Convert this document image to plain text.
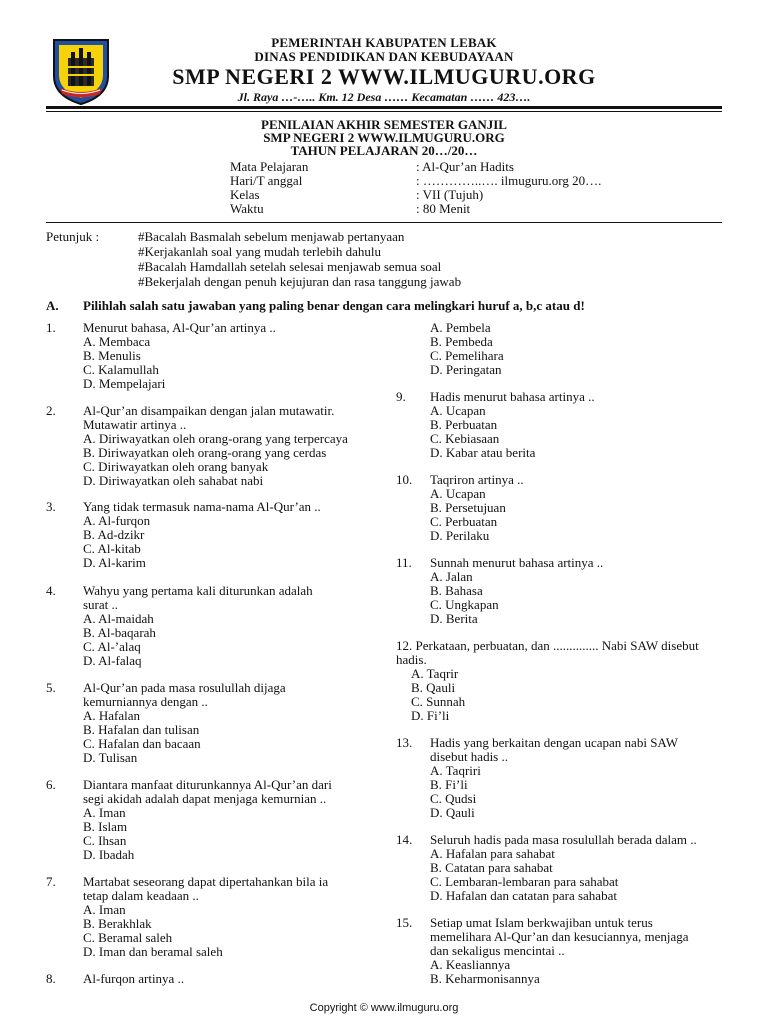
PEMERINTAH KABUPATEN LEBAK
DINAS PENDIDIKAN DAN KEBUDAYAAN
SMP NEGERI 2 WWW.ILMUGURU.ORG
Jl. Raya …-….. Km. 12 Desa …… Kecamatan …… 423….
PENILAIAN AKHIR SEMESTER GANJIL
SMP NEGERI 2 WWW.ILMUGURU.ORG
TAHUN PELAJARAN 20…/20…
Mata Pelajaran	: Al-Qur’an Hadits
Hari/T anggal	: …………..…. ilmuguru.org 20….
Kelas	: VII (Tujuh)
Waktu	: 80 Menit
Petunjuk :	#Bacalah Basmalah sebelum menjawab pertanyaan
#Kerjakanlah soal yang mudah terlebih dahulu
#Bacalah Hamdallah setelah selesai menjawab semua soal
#Bekerjalah dengan penuh kejujuran dan rasa tanggung jawab
A.	Pilihlah salah satu jawaban yang paling benar dengan cara melingkari huruf a, b,c atau d!
1. Menurut bahasa, Al-Qur’an artinya ..
A. Membaca
B. Menulis
C. Kalamullah
D. Mempelajari
2. Al-Qur’an disampaikan dengan jalan mutawatir.
Mutawatir artinya ..
A. Diriwayatkan oleh orang-orang yang terpercaya
B. Diriwayatkan oleh orang-orang yang cerdas
C. Diriwayatkan oleh orang banyak
D. Diriwayatkan oleh sahabat nabi
3. Yang tidak termasuk nama-nama Al-Qur’an ..
A. Al-furqon
B. Ad-dzikr
C. Al-kitab
D. Al-karim
4. Wahyu yang pertama kali diturunkan adalah
surat ..
A. Al-maidah
B. Al-baqarah
C. Al-’alaq
D. Al-falaq
5. Al-Qur’an pada masa rosulullah dijaga
kemurniannya dengan ..
A. Hafalan
B. Hafalan dan tulisan
C. Hafalan dan bacaan
D. Tulisan
6. Diantara manfaat diturunkannya Al-Qur’an dari
segi akidah adalah dapat menjaga kemurnian ..
A. Iman
B. Islam
C. Ihsan
D. Ibadah
7. Martabat seseorang dapat dipertahankan bila ia
tetap dalam keadaan ..
A. Iman
B. Berakhlak
C. Beramal saleh
D. Iman dan beramal saleh
8. Al-furqon artinya ..
A. Pembela
B. Pembeda
C. Pemelihara
D. Peringatan
9. Hadis menurut bahasa artinya ..
A. Ucapan
B. Perbuatan
C. Kebiasaan
D. Kabar atau berita
10. Taqriron artinya ..
A. Ucapan
B. Persetujuan
C. Perbuatan
D. Perilaku
11. Sunnah menurut bahasa artinya ..
A. Jalan
B. Bahasa
C. Ungkapan
D. Berita
12. Perkataan, perbuatan, dan .............. Nabi SAW disebut
hadis.
A. Taqrir
B. Qauli
C. Sunnah
D. Fi’li
13. Hadis yang berkaitan dengan ucapan nabi SAW
disebut hadis ..
A. Taqriri
B. Fi’li
C. Qudsi
D. Qauli
14. Seluruh hadis pada masa rosulullah berada dalam ..
A. Hafalan para sahabat
B. Catatan para sahabat
C. Lembaran-lembaran para sahabat
D. Hafalan dan catatan para sahabat
15. Setiap umat Islam berkwajiban untuk terus
memelihara Al-Qur’an dan kesuciannya, menjaga
dan sekaligus mencintai ..
A. Keasliannya
B. Keharmonisannya
Copyright © www.ilmuguru.org
